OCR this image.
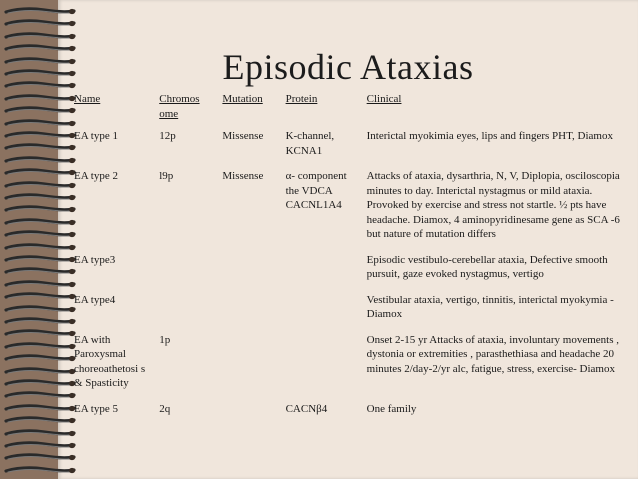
Episodic Ataxias
Name	Chromos ome	Mutation	Protein	Clinical
EA type 1	12p	Missense	K-channel, KCNA1	Interictal myokimia eyes, lips and fingers PHT, Diamox
EA type 2	l9p	Missense	α- component the VDCA CACNL1A4	Attacks of ataxia, dysarthria, N, V, Diplopia, osciloscopia minutes to day. Interictal nystagmus or mild ataxia. Provoked by exercise and stress not startle. ½ pts have headache. Diamox, 4 aminopyridinesame gene as SCA -6 but nature of mutation differs
EA type3				Episodic vestibulo-cerebellar ataxia, Defective smooth pursuit, gaze evoked nystagmus, vertigo
EA type4				Vestibular ataxia, vertigo, tinnitis, interictal myokymia - Diamox
EA with Paroxysmal choreoathetosi s & Spasticity	1p			Onset 2-15 yr Attacks of ataxia, involuntary movements , dystonia or extremities , parasthethiasa and headache 20 minutes 2/day-2/yr alc, fatigue, stress, exercise- Diamox
EA type 5	2q		CACNβ4	One family
